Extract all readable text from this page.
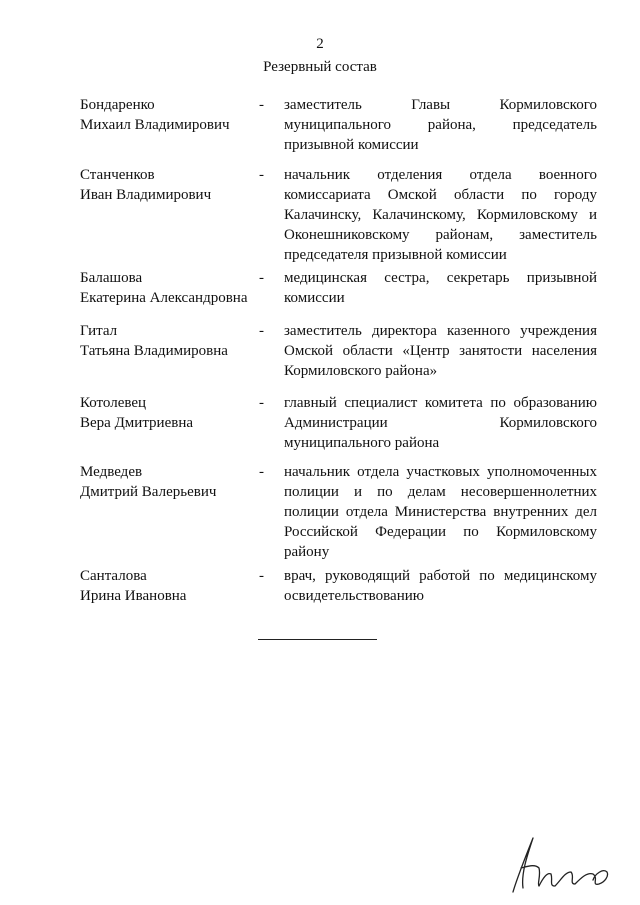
2
Резервный состав
Бондаренко
Михаил Владимирович
- заместитель Главы Кормиловского
муниципального района, председатель
призывной комиссии
Станченков
Иван Владимирович
- начальник отделения отдела военного
комиссариата Омской области по городу
Калачинску, Калачинскому, Кормиловскому и
Оконешниковскому районам, заместитель
председателя призывной комиссии
Балашова
Екатерина Александровна
- медицинская сестра, секретарь призывной
комиссии
Гитал
Татьяна Владимировна
- заместитель директора казенного учреждения
Омской области «Центр занятости населения
Кормиловского района»
Котолевец
Вера Дмитриевна
- главный специалист комитета по образованию
Администрации Кормиловского
муниципального района
Медведев
Дмитрий Валерьевич
- начальник отдела участковых уполномоченных
полиции и по делам несовершеннолетних
полиции отдела Министерства внутренних дел
Российской Федерации по Кормиловскому
району
Санталова
Ирина Ивановна
- врач, руководящий работой по медицинскому
освидетельствованию
